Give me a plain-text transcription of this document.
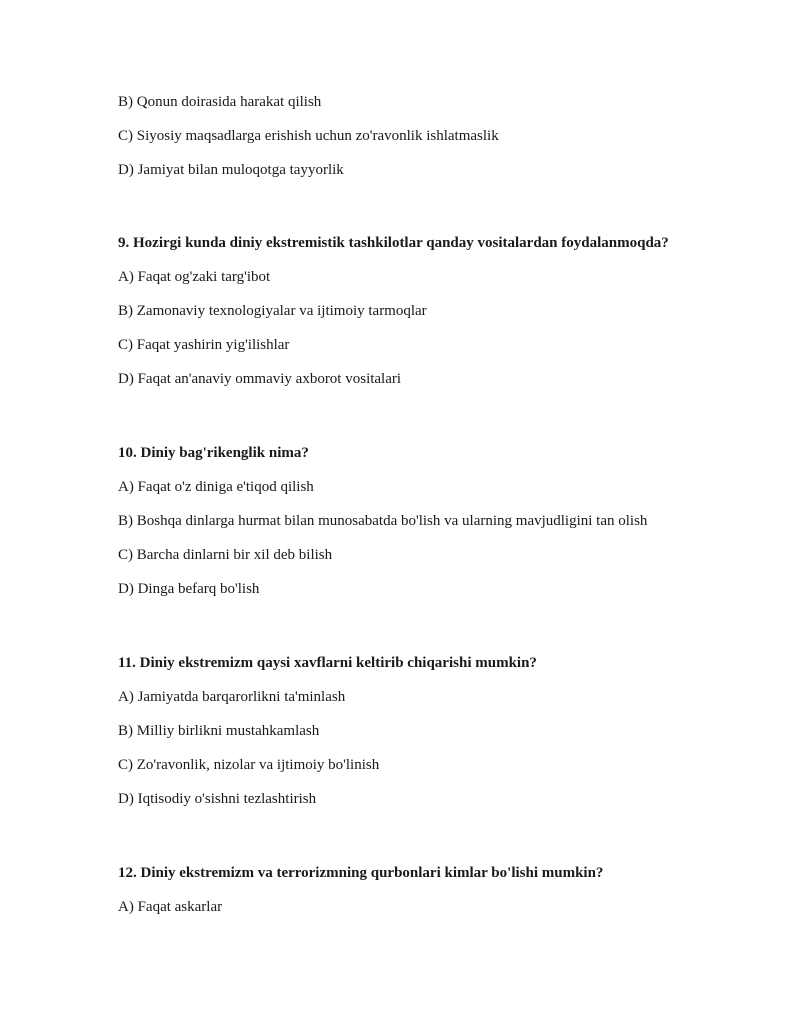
B) Qonun doirasida harakat qilish
C) Siyosiy maqsadlarga erishish uchun zo'ravonlik ishlatmaslik
D) Jamiyat bilan muloqotga tayyorlik
9. Hozirgi kunda diniy ekstremistik tashkilotlar qanday vositalardan foydalanmoqda?
A) Faqat og'zaki targ'ibot
B) Zamonaviy texnologiyalar va ijtimoiy tarmoqlar
C) Faqat yashirin yig'ilishlar
D) Faqat an'anaviy ommaviy axborot vositalari
10. Diniy bag'rikenglik nima?
A) Faqat o'z diniga e'tiqod qilish
B) Boshqa dinlarga hurmat bilan munosabatda bo'lish va ularning mavjudligini tan olish
C) Barcha dinlarni bir xil deb bilish
D) Dinga befarq bo'lish
11. Diniy ekstremizm qaysi xavflarni keltirib chiqarishi mumkin?
A) Jamiyatda barqarorlikni ta'minlash
B) Milliy birlikni mustahkamlash
C) Zo'ravonlik, nizolar va ijtimoiy bo'linish
D) Iqtisodiy o'sishni tezlashtirish
12. Diniy ekstremizm va terrorizmning qurbonlari kimlar bo'lishi mumkin?
A) Faqat askarlar
